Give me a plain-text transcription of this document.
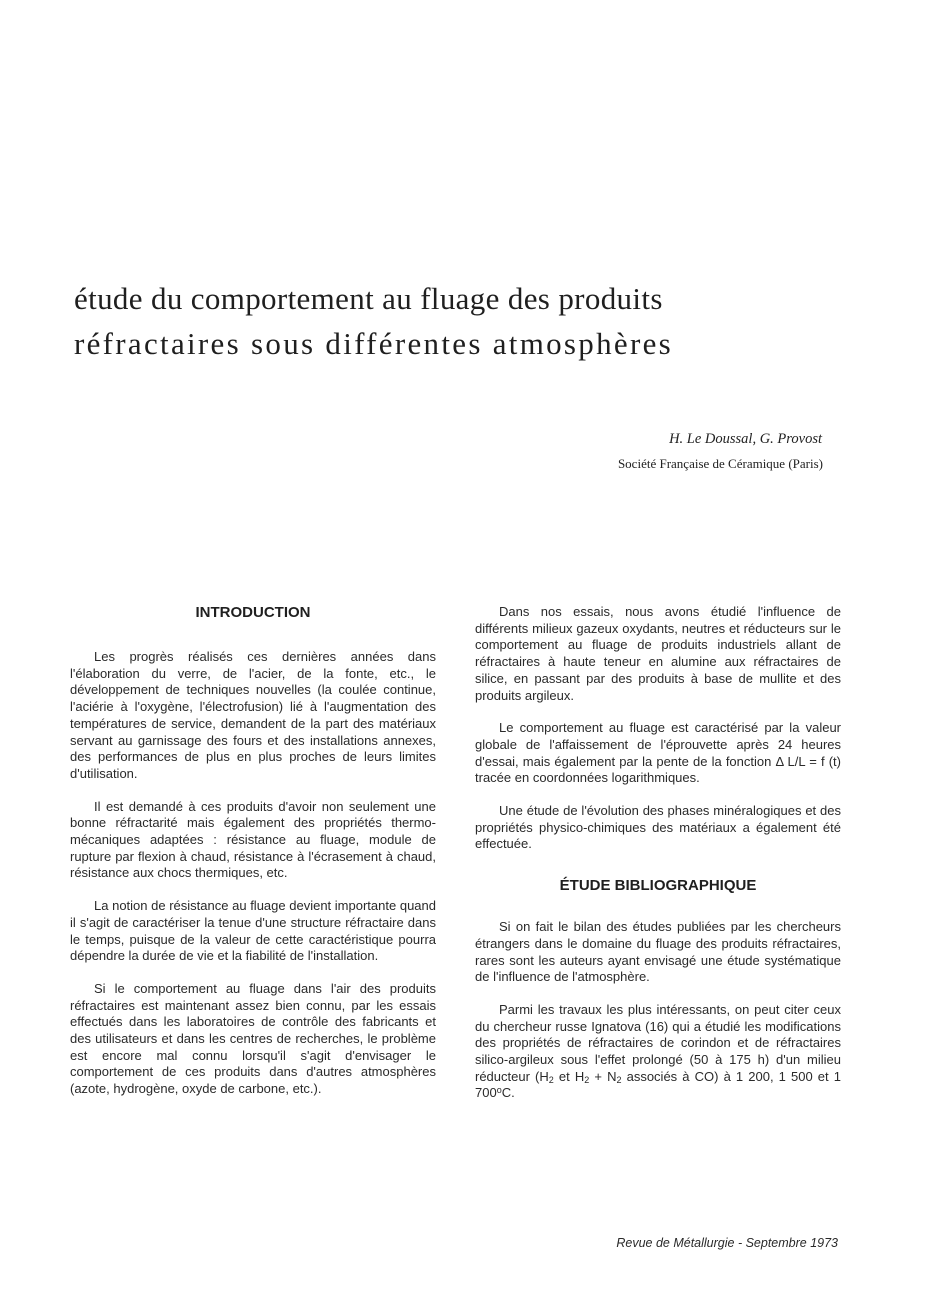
étude du comportement au fluage des produits
réfractaires sous différentes atmosphères
H. Le Doussal, G. Provost
Société Française de Céramique (Paris)
INTRODUCTION

Les progrès réalisés ces dernières années dans l'élaboration du verre, de l'acier, de la fonte, etc., le développement de techniques nouvelles (la coulée continue, l'aciérie à l'oxygène, l'électrofusion) lié à l'augmentation des températures de service, demandent de la part des matériaux servant au garnissage des fours et des installations annexes, des performances de plus en plus proches de leurs limites d'utilisation.

Il est demandé à ces produits d'avoir non seulement une bonne réfractarité mais également des propriétés thermo-mécaniques adaptées : résistance au fluage, module de rupture par flexion à chaud, résistance à l'écrasement à chaud, résistance aux chocs thermiques, etc.

La notion de résistance au fluage devient importante quand il s'agit de caractériser la tenue d'une structure réfractaire dans le temps, puisque de la valeur de cette caractéristique pourra dépendre la durée de vie et la fiabilité de l'installation.

Si le comportement au fluage dans l'air des produits réfractaires est maintenant assez bien connu, par les essais effectués dans les laboratoires de contrôle des fabricants et des utilisateurs et dans les centres de recherches, le problème est encore mal connu lorsqu'il s'agit d'envisager le comportement de ces produits dans d'autres atmosphères (azote, hydrogène, oxyde de carbone, etc.).

Dans nos essais, nous avons étudié l'influence de différents milieux gazeux oxydants, neutres et réducteurs sur le comportement au fluage de produits industriels allant de réfractaires à haute teneur en alumine aux réfractaires de silice, en passant par des produits à base de mullite et des produits argileux.

Le comportement au fluage est caractérisé par la valeur globale de l'affaissement de l'éprouvette après 24 heures d'essai, mais également par la pente de la fonction Δ L/L = f (t) tracée en coordonnées logarithmiques.

Une étude de l'évolution des phases minéralogiques et des propriétés physico-chimiques des matériaux a également été effectuée.

ÉTUDE BIBLIOGRAPHIQUE

Si on fait le bilan des études publiées par les chercheurs étrangers dans le domaine du fluage des produits réfractaires, rares sont les auteurs ayant envisagé une étude systématique de l'influence de l'atmosphère.

Parmi les travaux les plus intéressants, on peut citer ceux du chercheur russe Ignatova (16) qui a étudié les modifications des propriétés de réfractaires de corindon et de réfractaires silico-argileux sous l'effet prolongé (50 à 175 h) d'un milieu réducteur ($H_2$ et $H_2 + N_2$ associés à CO) à 1 200, 1 500 et 1 700$^o$C.

Revue de Métallurgie - Septembre 1973
